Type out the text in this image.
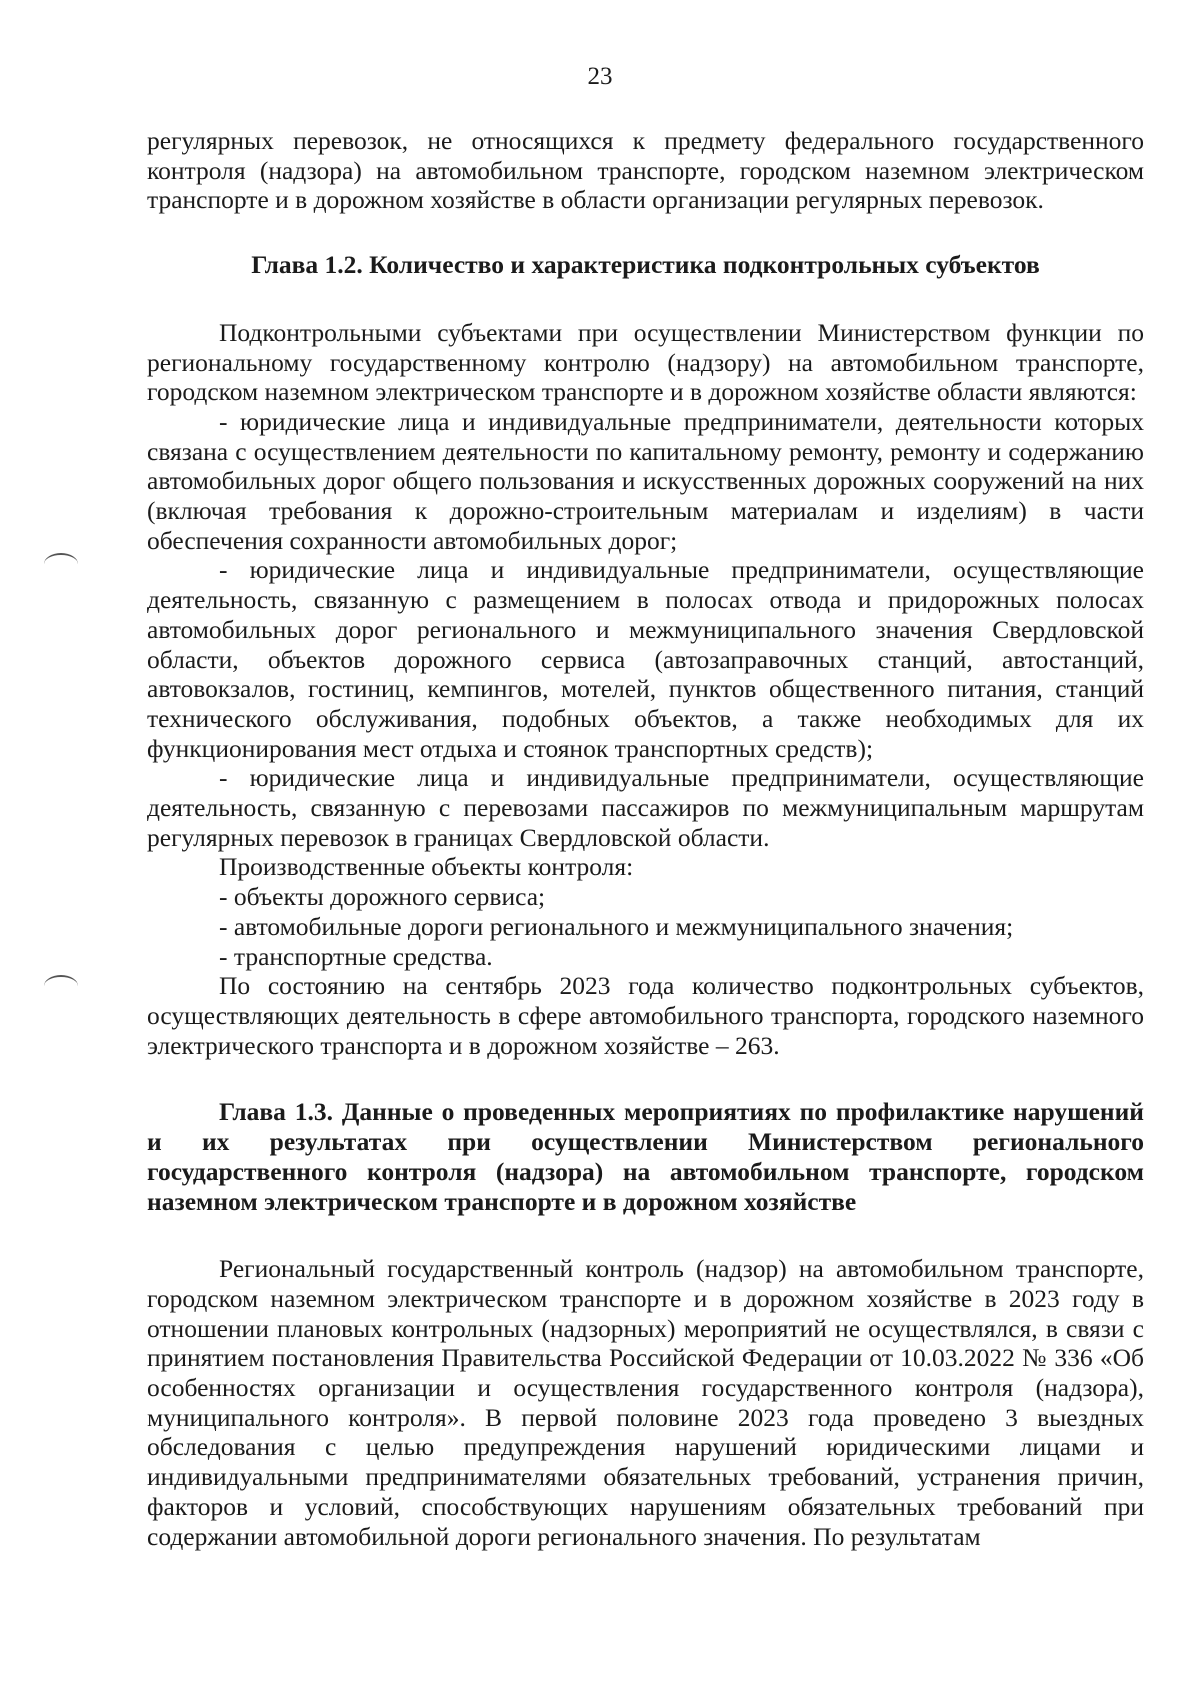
23

регулярных перевозок, не относящихся к предмету федерального государственного контроля (надзора) на автомобильном транспорте, городском наземном электрическом транспорте и в дорожном хозяйстве в области организации регулярных перевозок.

Глава 1.2. Количество и характеристика подконтрольных субъектов

Подконтрольными субъектами при осуществлении Министерством функции по региональному государственному контролю (надзору) на автомобильном транспорте, городском наземном электрическом транспорте и в дорожном хозяйстве области являются:

- юридические лица и индивидуальные предприниматели, деятельности которых связана с осуществлением деятельности по капитальному ремонту, ремонту и содержанию автомобильных дорог общего пользования и искусственных дорожных сооружений на них (включая требования к дорожно-строительным материалам и изделиям) в части обеспечения сохранности автомобильных дорог;

- юридические лица и индивидуальные предприниматели, осуществляющие деятельность, связанную с размещением в полосах отвода и придорожных полосах автомобильных дорог регионального и межмуниципального значения Свердловской области, объектов дорожного сервиса (автозаправочных станций, автостанций, автовокзалов, гостиниц, кемпингов, мотелей, пунктов общественного питания, станций технического обслуживания, подобных объектов, а также необходимых для их функционирования мест отдыха и стоянок транспортных средств);

- юридические лица и индивидуальные предприниматели, осуществляющие деятельность, связанную с перевозами пассажиров по межмуниципальным маршрутам регулярных перевозок в границах Свердловской области.

Производственные объекты контроля:

- объекты дорожного сервиса;

- автомобильные дороги регионального и межмуниципального значения;

- транспортные средства.

По состоянию на сентябрь 2023 года количество подконтрольных субъектов, осуществляющих деятельность в сфере автомобильного транспорта, городского наземного электрического транспорта и в дорожном хозяйстве – 263.

Глава 1.3. Данные о проведенных мероприятиях по профилактике нарушений и их результатах при осуществлении Министерством регионального государственного контроля (надзора) на автомобильном транспорте, городском наземном электрическом транспорте и в дорожном хозяйстве

Региональный государственный контроль (надзор) на автомобильном транспорте, городском наземном электрическом транспорте и в дорожном хозяйстве в 2023 году в отношении плановых контрольных (надзорных) мероприятий не осуществлялся, в связи с принятием постановления Правительства Российской Федерации от 10.03.2022 № 336 «Об особенностях организации и осуществления государственного контроля (надзора), муниципального контроля». В первой половине 2023 года проведено 3 выездных обследования с целью предупреждения нарушений юридическими лицами и индивидуальными предпринимателями обязательных требований, устранения причин, факторов и условий, способствующих нарушениям обязательных требований при содержании автомобильной дороги регионального значения. По результатам
